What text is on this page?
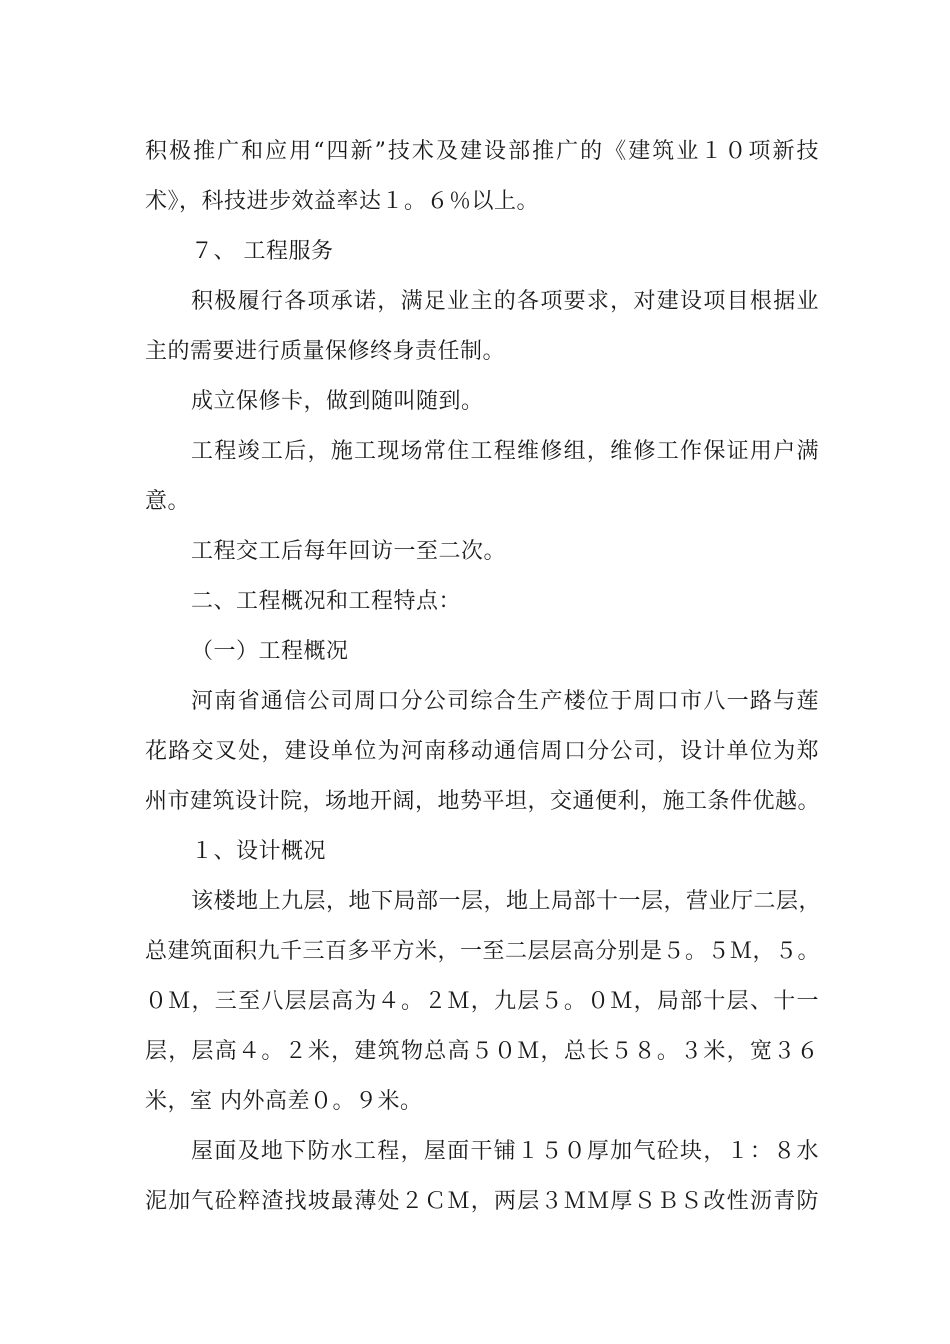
积极推广和应用“四新”技术及建设部推广的《建筑业１０项新技
术》，科技进步效益率达１。６％以上。
７、 工程服务
积极履行各项承诺，满足业主的各项要求，对建设项目根据业
主的需要进行质量保修终身责任制。
成立保修卡，做到随叫随到。
工程竣工后，施工现场常住工程维修组，维修工作保证用户满
意。
工程交工后每年回访一至二次。
二、工程概况和工程特点：
（一）工程概况
河南省通信公司周口分公司综合生产楼位于周口市八一路与莲
花路交叉处，建设单位为河南移动通信周口分公司，设计单位为郑
州市建筑设计院，场地开阔，地势平坦，交通便利，施工条件优越。
１、设计概况
该楼地上九层，地下局部一层，地上局部十一层，营业厅二层，
总建筑面积九千三百多平方米，一至二层层高分别是５。５Ｍ，５。
０Ｍ，三至八层层高为４。２Ｍ，九层５。０Ｍ，局部十层、十一
层，层高４。２米，建筑物总高５０Ｍ，总长５８。３米，宽３６
米，室 内外高差０。９米。
屋面及地下防水工程，屋面干铺１５０厚加气砼块，１：８水
泥加气砼粹渣找坡最薄处２ＣＭ，两层３ＭＭ厚ＳＢＳ改性沥青防
